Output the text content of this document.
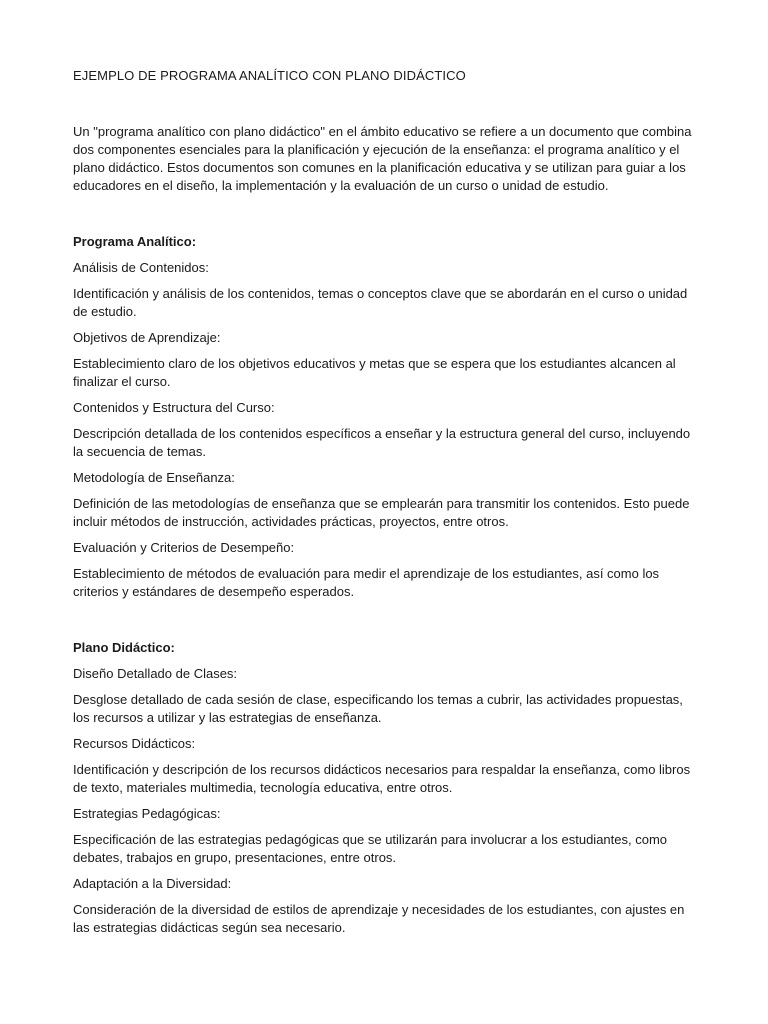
EJEMPLO DE PROGRAMA ANALÍTICO CON PLANO DIDÁCTICO

Un "programa analítico con plano didáctico" en el ámbito educativo se refiere a un documento que combina dos componentes esenciales para la planificación y ejecución de la enseñanza: el programa analítico y el plano didáctico. Estos documentos son comunes en la planificación educativa y se utilizan para guiar a los educadores en el diseño, la implementación y la evaluación de un curso o unidad de estudio.

Programa Analítico:

Análisis de Contenidos:

Identificación y análisis de los contenidos, temas o conceptos clave que se abordarán en el curso o unidad de estudio.

Objetivos de Aprendizaje:

Establecimiento claro de los objetivos educativos y metas que se espera que los estudiantes alcancen al finalizar el curso.

Contenidos y Estructura del Curso:

Descripción detallada de los contenidos específicos a enseñar y la estructura general del curso, incluyendo la secuencia de temas.

Metodología de Enseñanza:

Definición de las metodologías de enseñanza que se emplearán para transmitir los contenidos. Esto puede incluir métodos de instrucción, actividades prácticas, proyectos, entre otros.

Evaluación y Criterios de Desempeño:

Establecimiento de métodos de evaluación para medir el aprendizaje de los estudiantes, así como los criterios y estándares de desempeño esperados.

Plano Didáctico:

Diseño Detallado de Clases:

Desglose detallado de cada sesión de clase, especificando los temas a cubrir, las actividades propuestas, los recursos a utilizar y las estrategias de enseñanza.

Recursos Didácticos:

Identificación y descripción de los recursos didácticos necesarios para respaldar la enseñanza, como libros de texto, materiales multimedia, tecnología educativa, entre otros.

Estrategias Pedagógicas:

Especificación de las estrategias pedagógicas que se utilizarán para involucrar a los estudiantes, como debates, trabajos en grupo, presentaciones, entre otros.

Adaptación a la Diversidad:

Consideración de la diversidad de estilos de aprendizaje y necesidades de los estudiantes, con ajustes en las estrategias didácticas según sea necesario.
